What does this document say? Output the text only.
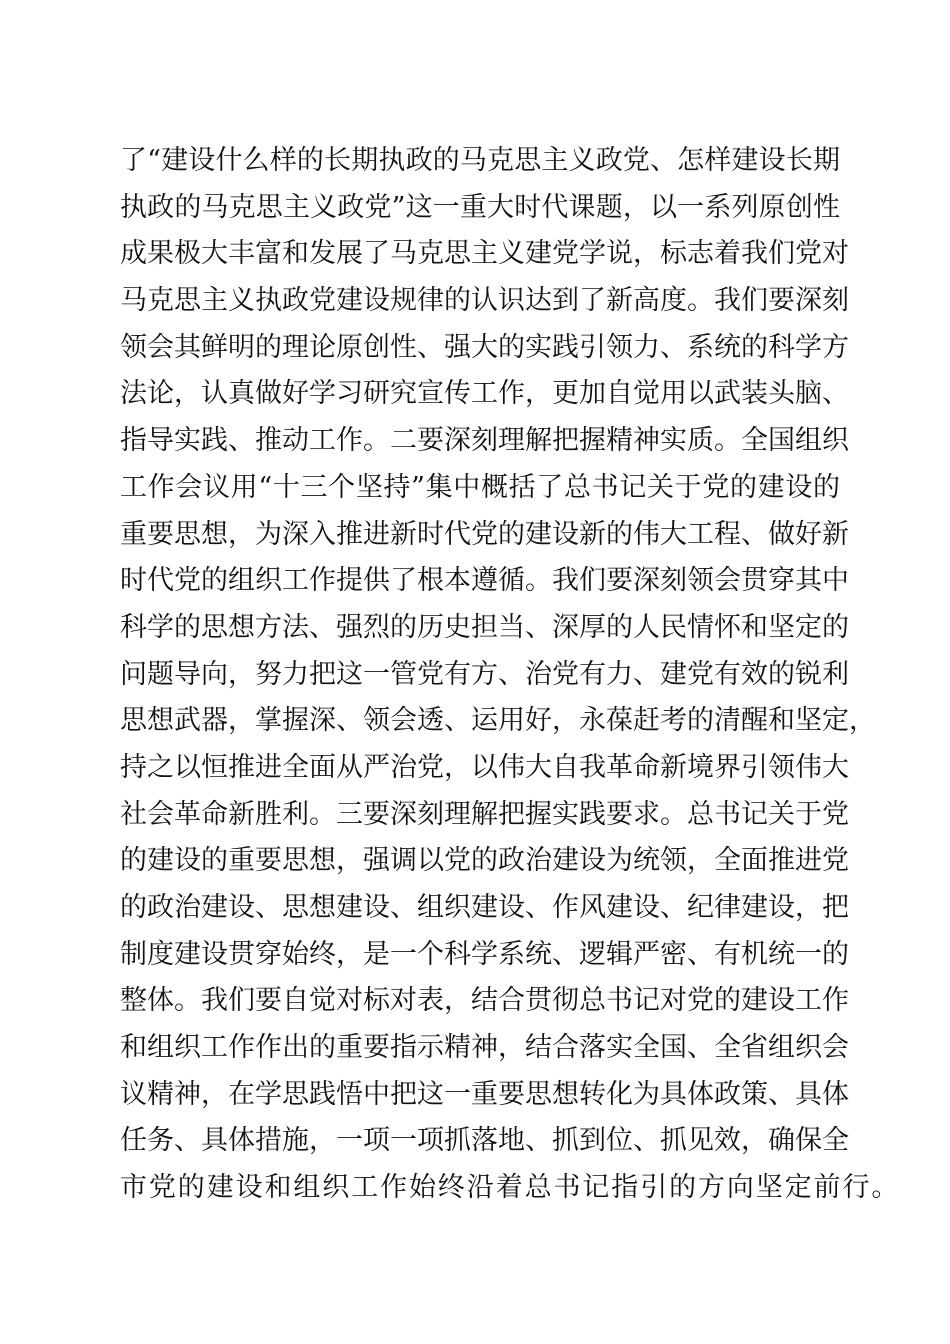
了“建设什么样的长期执政的马克思主义政党、怎样建设长期
执政的马克思主义政党”这一重大时代课题，以一系列原创性
成果极大丰富和发展了马克思主义建党学说，标志着我们党对
马克思主义执政党建设规律的认识达到了新高度。我们要深刻
领会其鲜明的理论原创性、强大的实践引领力、系统的科学方
法论，认真做好学习研究宣传工作，更加自觉用以武装头脑、
指导实践、推动工作。二要深刻理解把握精神实质。全国组织
工作会议用“十三个坚持”集中概括了总书记关于党的建设的
重要思想，为深入推进新时代党的建设新的伟大工程、做好新
时代党的组织工作提供了根本遵循。我们要深刻领会贯穿其中
科学的思想方法、强烈的历史担当、深厚的人民情怀和坚定的
问题导向，努力把这一管党有方、治党有力、建党有效的锐利
思想武器，掌握深、领会透、运用好，永葆赶考的清醒和坚定，
持之以恒推进全面从严治党，以伟大自我革命新境界引领伟大
社会革命新胜利。三要深刻理解把握实践要求。总书记关于党
的建设的重要思想，强调以党的政治建设为统领，全面推进党
的政治建设、思想建设、组织建设、作风建设、纪律建设，把
制度建设贯穿始终，是一个科学系统、逻辑严密、有机统一的
整体。我们要自觉对标对表，结合贯彻总书记对党的建设工作
和组织工作作出的重要指示精神，结合落实全国、全省组织会
议精神，在学思践悟中把这一重要思想转化为具体政策、具体
任务、具体措施，一项一项抓落地、抓到位、抓见效，确保全
市党的建设和组织工作始终沿着总书记指引的方向坚定前行。
